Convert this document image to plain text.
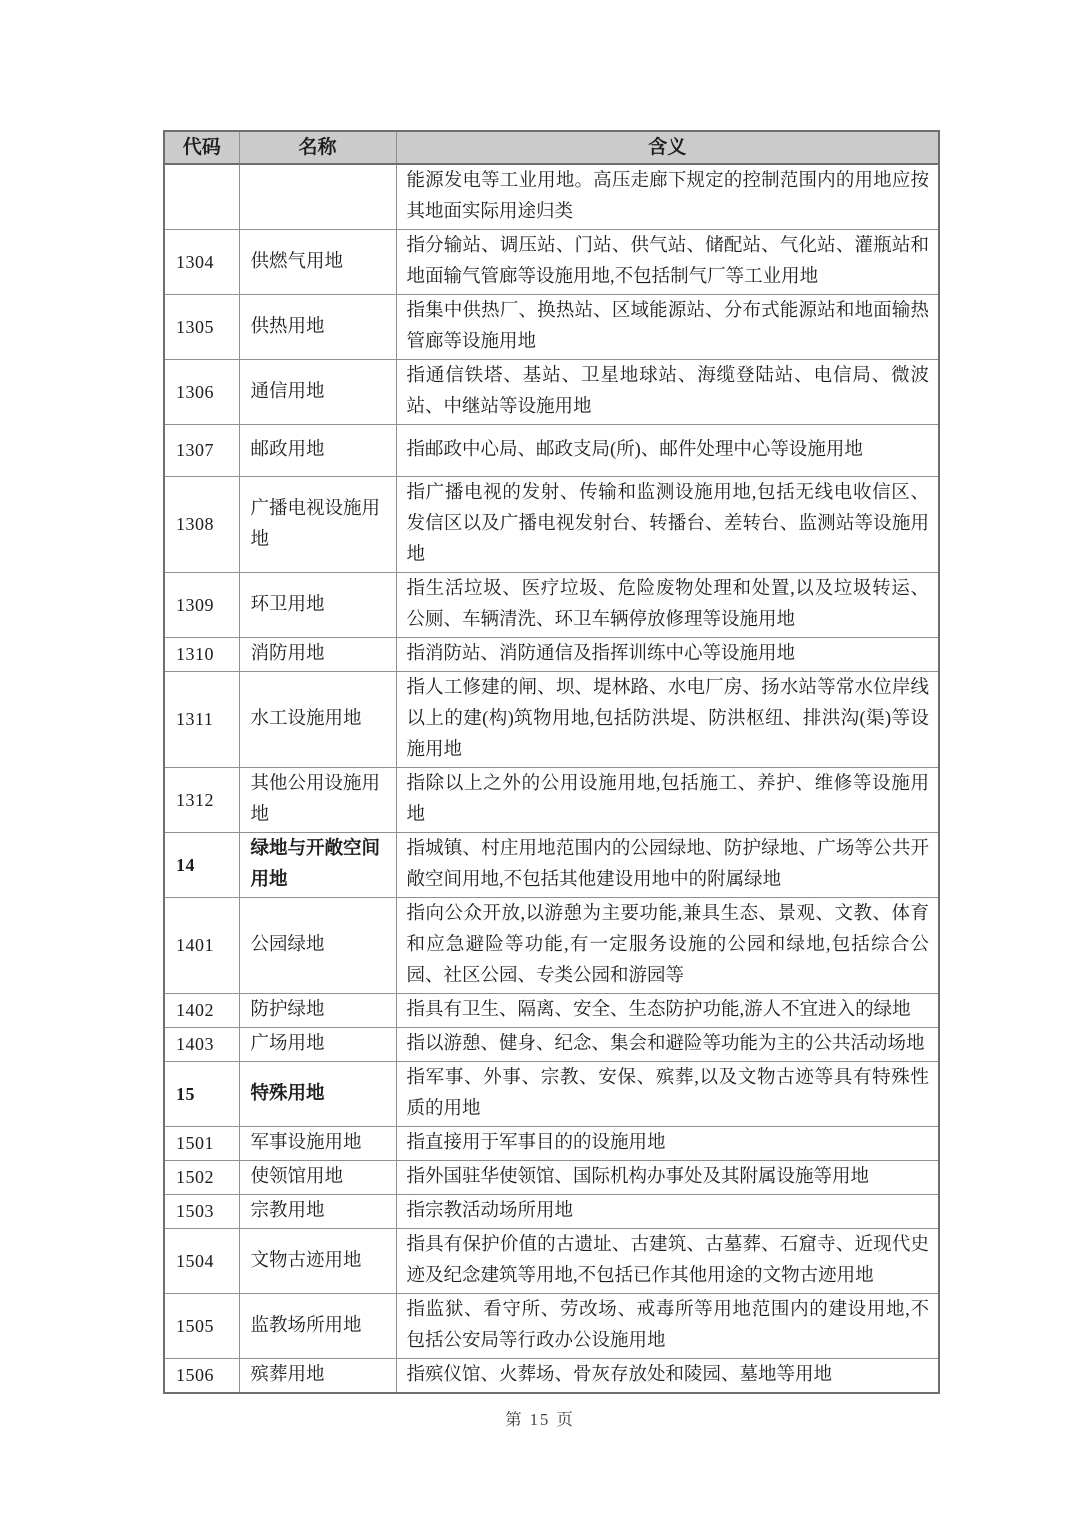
代码	名称	含义
		能源发电等工业用地。高压走廊下规定的控制范围内的用地应按其地面实际用途归类
1304	供燃气用地	指分输站、调压站、门站、供气站、储配站、气化站、灌瓶站和地面输气管廊等设施用地,不包括制气厂等工业用地
1305	供热用地	指集中供热厂、换热站、区域能源站、分布式能源站和地面输热管廊等设施用地
1306	通信用地	指通信铁塔、基站、卫星地球站、海缆登陆站、电信局、微波站、中继站等设施用地
1307	邮政用地	指邮政中心局、邮政支局(所)、邮件处理中心等设施用地
1308	广播电视设施用地	指广播电视的发射、传输和监测设施用地,包括无线电收信区、发信区以及广播电视发射台、转播台、差转台、监测站等设施用地
1309	环卫用地	指生活垃圾、医疗垃圾、危险废物处理和处置,以及垃圾转运、公厕、车辆清洗、环卫车辆停放修理等设施用地
1310	消防用地	指消防站、消防通信及指挥训练中心等设施用地
1311	水工设施用地	指人工修建的闸、坝、堤林路、水电厂房、扬水站等常水位岸线以上的建(构)筑物用地,包括防洪堤、防洪枢纽、排洪沟(渠)等设施用地
1312	其他公用设施用地	指除以上之外的公用设施用地,包括施工、养护、维修等设施用地
14	绿地与开敞空间用地	指城镇、村庄用地范围内的公园绿地、防护绿地、广场等公共开敞空间用地,不包括其他建设用地中的附属绿地
1401	公园绿地	指向公众开放,以游憩为主要功能,兼具生态、景观、文教、体育和应急避险等功能,有一定服务设施的公园和绿地,包括综合公园、社区公园、专类公园和游园等
1402	防护绿地	指具有卫生、隔离、安全、生态防护功能,游人不宜进入的绿地
1403	广场用地	指以游憩、健身、纪念、集会和避险等功能为主的公共活动场地
15	特殊用地	指军事、外事、宗教、安保、殡葬,以及文物古迹等具有特殊性质的用地
1501	军事设施用地	指直接用于军事目的的设施用地
1502	使领馆用地	指外国驻华使领馆、国际机构办事处及其附属设施等用地
1503	宗教用地	指宗教活动场所用地
1504	文物古迹用地	指具有保护价值的古遗址、古建筑、古墓葬、石窟寺、近现代史迹及纪念建筑等用地,不包括已作其他用途的文物古迹用地
1505	监教场所用地	指监狱、看守所、劳改场、戒毒所等用地范围内的建设用地,不包括公安局等行政办公设施用地
1506	殡葬用地	指殡仪馆、火葬场、骨灰存放处和陵园、墓地等用地
第 15 页
